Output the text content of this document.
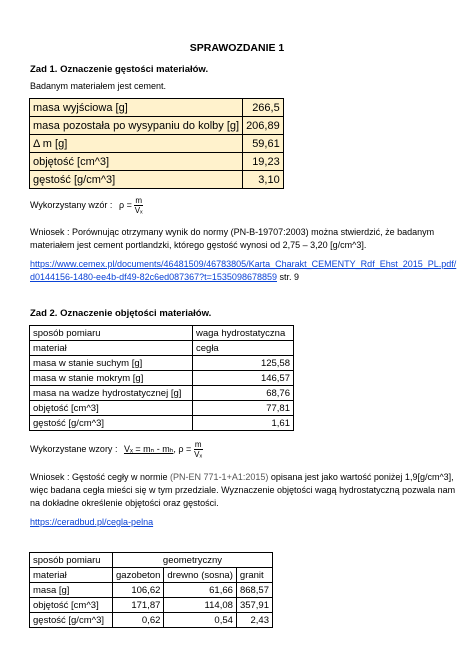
SPRAWOZDANIE 1
Zad 1. Oznaczenie gęstości materiałów.
Badanym materiałem jest cement.
masa wyjściowa [g]	266,5
masa pozostała po wysypaniu do kolby [g]	206,89
Δ m [g]	59,61
objętość [cm^3]	19,23
gęstość [g/cm^3]	3,10
Wykorzystany wzór : $\rho = \frac{m}{\text{Vₓ}}$
Wniosek : Porównując otrzymany wynik do normy (PN-B-19707:2003) można stwierdzić, że badanym
materiałem jest cement portlandzki, którego gęstość wynosi od 2,75 – 3,20 [g/cm^3].
https://www.cemex.pl/documents/46481509/46783805/Karta_Charakt_CEMENTY_Rdf_Ehst_2015_PL.pdf/
d0144156-1480-ee4b-df49-82c6ed087367?t=1535098678859 str. 9
Zad 2. Oznaczenie objętości materiałów.
sposób pomiaru	waga hydrostatyczna
materiał	cegła
masa w stanie suchym [g]	125,58
masa w stanie mokrym [g]	146,57
masa na wadze hydrostatycznej [g]	68,76
objętość [cm^3]	77,81
gęstość [g/cm^3]	1,61
Wykorzystane wzory : Vₓ = mₙ - mₕ, $\rho = \frac{m}{\text{Vₓ}}$
Wniosek : Gęstość cegły w normie (PN-EN 771-1+A1:2015) opisana jest jako wartość poniżej 1,9[g/cm^3],
więc badana cegła mieści się w tym przedziale. Wyznaczenie objętości wagą hydrostatyczną pozwala nam
na dokładne określenie objętości oraz gęstości.
https://ceradbud.pl/cegla-pelna
sposób pomiaru	geometryczny		
materiał	gazobeton	drewno (sosna)	granit
masa [g]	106,62	61,66	868,57
objętość [cm^3]	171,87	114,08	357,91
gęstość [g/cm^3]	0,62	0,54	2,43
